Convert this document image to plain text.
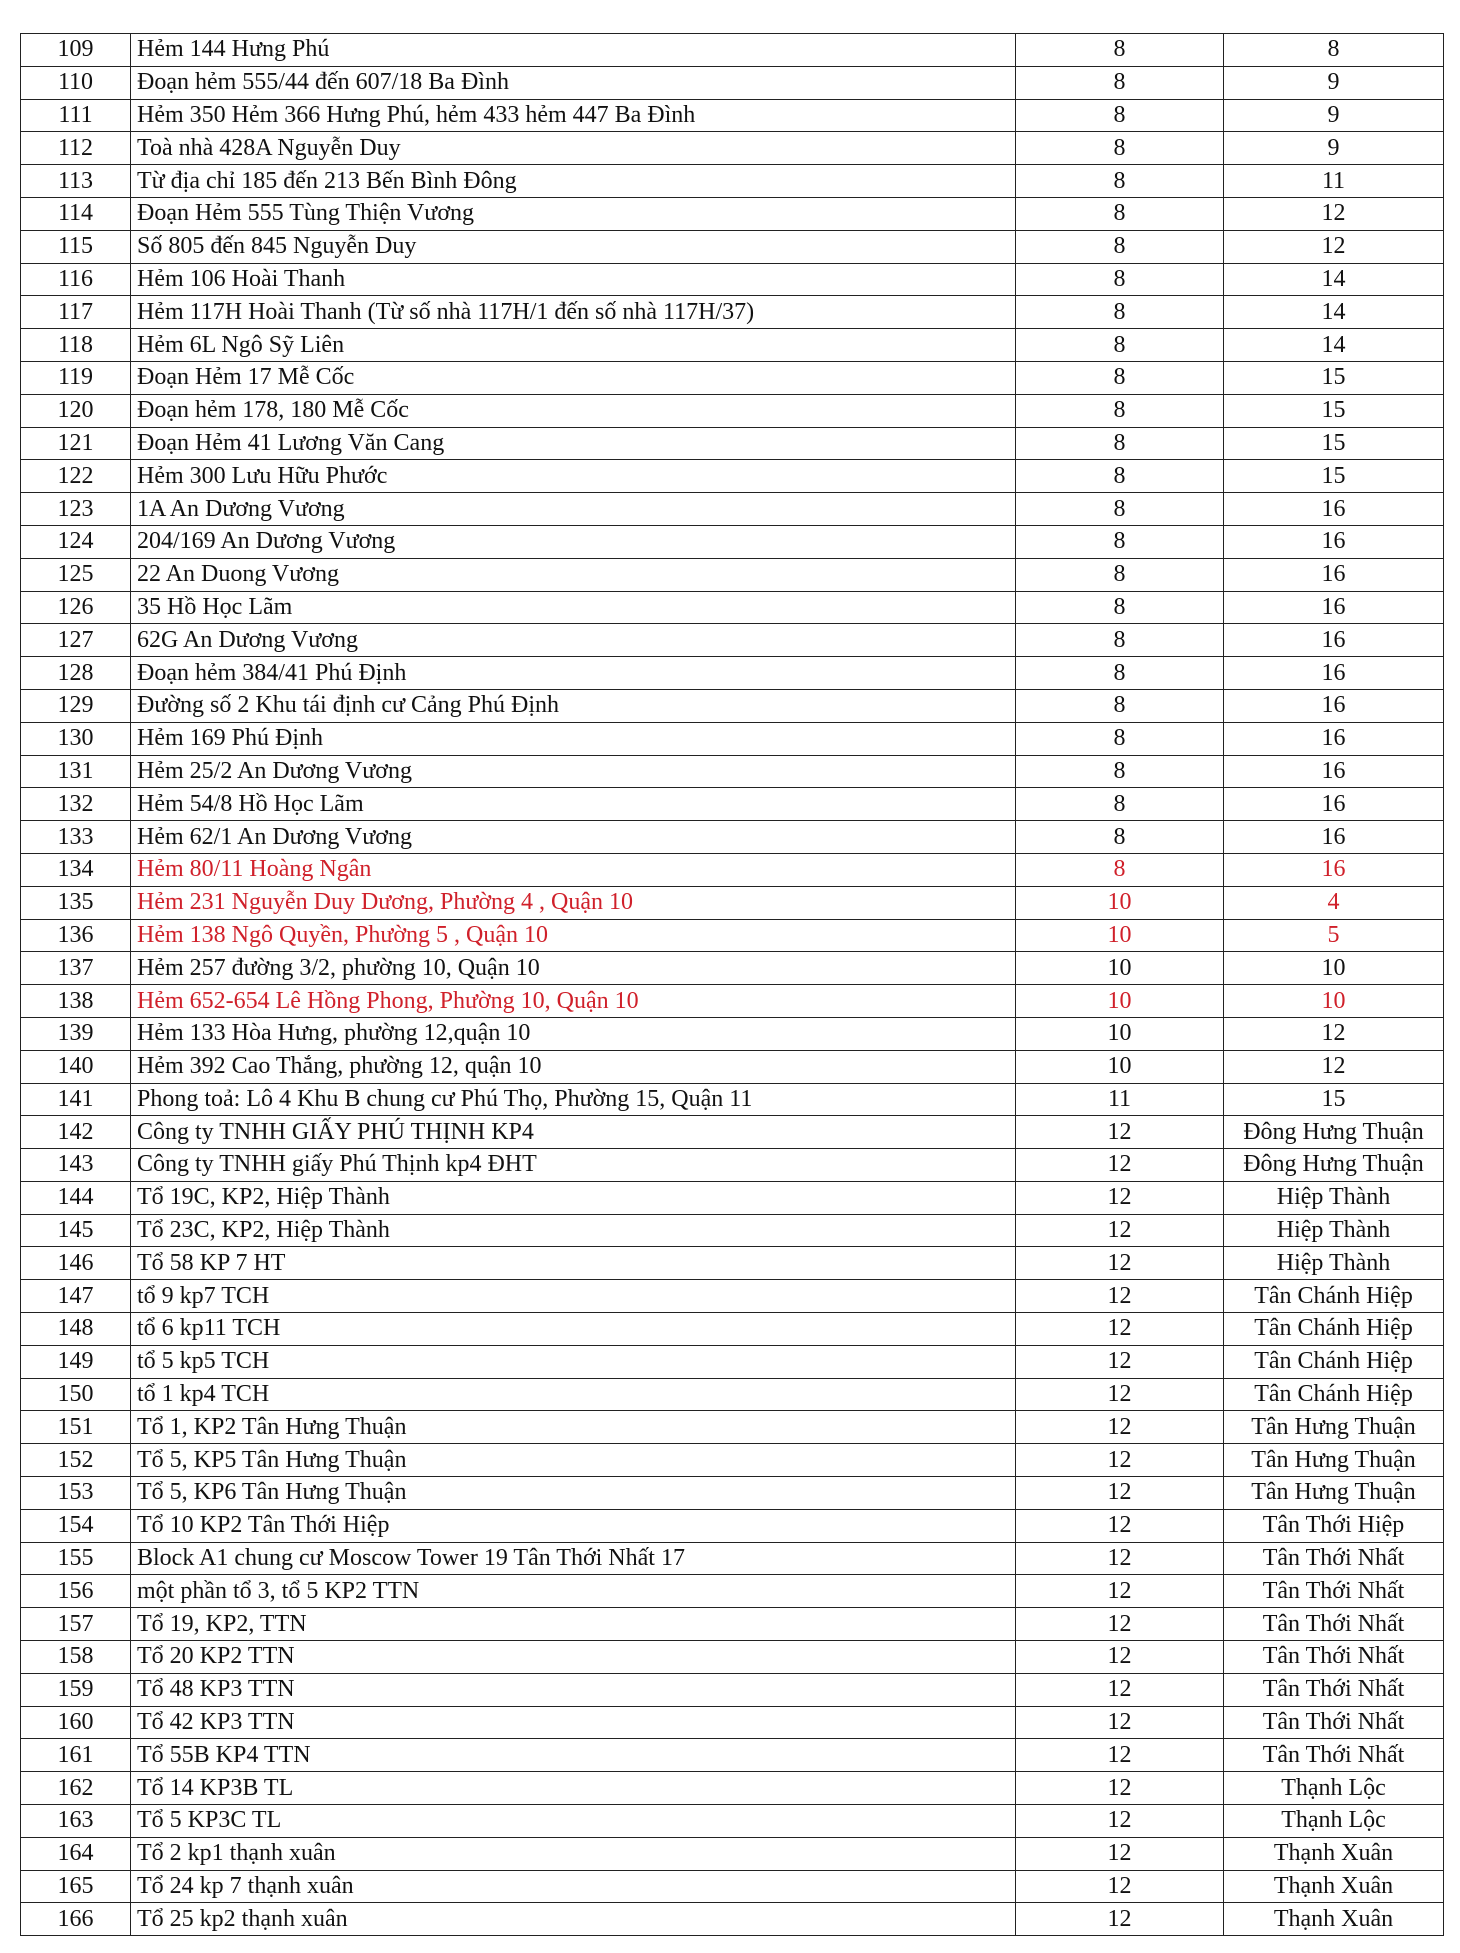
109	Hẻm 144 Hưng Phú	8	8
110	Đoạn hẻm 555/44 đến 607/18 Ba Đình	8	9
111	Hẻm 350 Hẻm 366 Hưng Phú, hẻm 433 hẻm 447 Ba Đình	8	9
112	Toà nhà 428A Nguyễn Duy	8	9
113	Từ địa chỉ 185 đến 213 Bến Bình Đông	8	11
114	Đoạn Hẻm 555 Tùng Thiện Vương	8	12
115	Số 805 đến 845 Nguyễn Duy	8	12
116	Hẻm 106 Hoài Thanh	8	14
117	Hẻm 117H Hoài Thanh (Từ số nhà 117H/1 đến số nhà 117H/37)	8	14
118	Hẻm 6L Ngô Sỹ Liên	8	14
119	Đoạn Hẻm 17 Mễ Cốc	8	15
120	Đoạn hẻm 178, 180 Mễ Cốc	8	15
121	Đoạn Hẻm 41 Lương Văn Cang	8	15
122	Hẻm 300 Lưu Hữu Phước	8	15
123	1A An Dương Vương	8	16
124	204/169 An Dương Vương	8	16
125	22 An Duong Vương	8	16
126	35 Hồ Học Lãm	8	16
127	62G An Dương Vương	8	16
128	Đoạn hẻm 384/41 Phú Định	8	16
129	Đường số 2 Khu tái định cư Cảng Phú Định	8	16
130	Hẻm 169 Phú Định	8	16
131	Hẻm 25/2 An Dương Vương	8	16
132	Hẻm 54/8 Hồ Học Lãm	8	16
133	Hẻm 62/1 An Dương Vương	8	16
134	Hẻm 80/11 Hoàng Ngân	8	16
135	Hẻm 231 Nguyễn Duy Dương, Phường 4 , Quận 10	10	4
136	Hẻm 138 Ngô Quyền, Phường 5 , Quận 10	10	5
137	Hẻm 257 đường 3/2, phường 10, Quận 10	10	10
138	Hẻm 652-654 Lê Hồng Phong, Phường 10, Quận 10	10	10
139	Hẻm 133 Hòa Hưng, phường 12,quận 10	10	12
140	Hẻm 392 Cao Thắng, phường 12, quận 10	10	12
141	Phong toả: Lô 4 Khu B chung cư Phú Thọ, Phường 15, Quận 11	11	15
142	Công ty TNHH GIẤY PHÚ THỊNH KP4	12	Đông Hưng Thuận
143	Công ty TNHH giấy Phú Thịnh kp4 ĐHT	12	Đông Hưng Thuận
144	Tổ 19C, KP2, Hiệp Thành	12	Hiệp Thành
145	Tổ 23C, KP2, Hiệp Thành	12	Hiệp Thành
146	Tổ 58 KP 7 HT	12	Hiệp Thành
147	tổ 9 kp7 TCH	12	Tân Chánh Hiệp
148	tổ 6 kp11 TCH	12	Tân Chánh Hiệp
149	tổ 5 kp5 TCH	12	Tân Chánh Hiệp
150	tổ 1 kp4 TCH	12	Tân Chánh Hiệp
151	Tổ 1, KP2 Tân Hưng Thuận	12	Tân Hưng Thuận
152	Tổ 5, KP5 Tân Hưng Thuận	12	Tân Hưng Thuận
153	Tổ 5, KP6 Tân Hưng Thuận	12	Tân Hưng Thuận
154	Tổ 10 KP2 Tân Thới Hiệp	12	Tân Thới Hiệp
155	Block A1 chung cư Moscow Tower 19 Tân Thới Nhất 17	12	Tân Thới Nhất
156	một phần tổ 3, tổ 5 KP2 TTN	12	Tân Thới Nhất
157	Tổ 19, KP2, TTN	12	Tân Thới Nhất
158	Tổ 20 KP2 TTN	12	Tân Thới Nhất
159	Tổ 48 KP3 TTN	12	Tân Thới Nhất
160	Tổ 42 KP3 TTN	12	Tân Thới Nhất
161	Tổ 55B KP4 TTN	12	Tân Thới Nhất
162	Tổ 14 KP3B TL	12	Thạnh Lộc
163	Tổ 5 KP3C TL	12	Thạnh Lộc
164	Tổ 2 kp1 thạnh xuân	12	Thạnh Xuân
165	Tổ 24 kp 7 thạnh xuân	12	Thạnh Xuân
166	Tổ 25 kp2 thạnh xuân	12	Thạnh Xuân
